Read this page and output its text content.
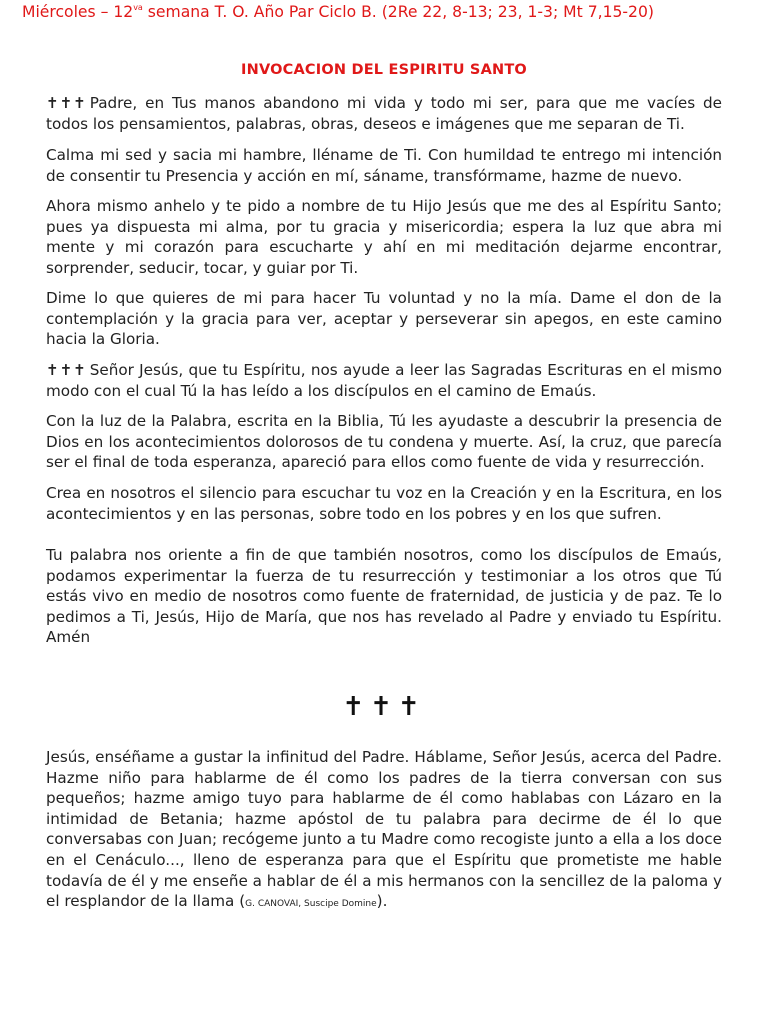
Miércoles – $12^{va}$ semana T. O. Año Par Ciclo B. (2Re 22, 8-13; 23, 1-3; Mt 7,15-20)
INVOCACION DEL ESPIRITU SANTO

✝✝✝ Padre, en Tus manos abandono mi vida y todo mi ser, para que me vacíes de todos los pensamientos, palabras, obras, deseos e imágenes que me separan de Ti.

Calma mi sed y sacia mi hambre, lléname de Ti. Con humildad te entrego mi intención de consentir tu Presencia y acción en mí, sáname, transfórmame, hazme de nuevo.

Ahora mismo anhelo y te pido a nombre de tu Hijo Jesús que me des al Espíritu Santo; pues ya dispuesta mi alma, por tu gracia y misericordia; espera la luz que abra mi mente y mi corazón para escucharte y ahí en mi meditación dejarme encontrar, sorprender, seducir, tocar, y guiar por Ti.

Dime lo que quieres de mi para hacer Tu voluntad y no la mía. Dame el don de la contemplación y la gracia para ver, aceptar y perseverar sin apegos, en este camino hacia la Gloria.

✝✝✝ Señor Jesús, que tu Espíritu, nos ayude a leer las Sagradas Escrituras en el mismo modo con el cual Tú la has leído a los discípulos en el camino de Emaús.

Con la luz de la Palabra, escrita en la Biblia, Tú les ayudaste a descubrir la presencia de Dios en los acontecimientos dolorosos de tu condena y muerte. Así, la cruz, que parecía ser el final de toda esperanza, apareció para ellos como fuente de vida y resurrección.

Crea en nosotros el silencio para escuchar tu voz en la Creación y en la Escritura, en los acontecimientos y en las personas, sobre todo en los pobres y en los que sufren.

Tu palabra nos oriente a fin de que también nosotros, como los discípulos de Emaús, podamos experimentar la fuerza de tu resurrección y testimoniar a los otros que Tú estás vivo en medio de nosotros como fuente de fraternidad, de justicia y de paz. Te lo pedimos a Ti, Jesús, Hijo de María, que nos has revelado al Padre y enviado tu Espíritu. Amén

✝✝✝

Jesús, enséñame a gustar la infinitud del Padre. Háblame, Señor Jesús, acerca del Padre. Hazme niño para hablarme de él como los padres de la tierra conversan con sus pequeños; hazme amigo tuyo para hablarme de él como hablabas con Lázaro en la intimidad de Betania; hazme apóstol de tu palabra para decirme de él lo que conversabas con Juan; recógeme junto a tu Madre como recogiste junto a ella a los doce en el Cenáculo..., lleno de esperanza para que el Espíritu que prometiste me hable todavía de él y me enseñe a hablar de él a mis hermanos con la sencillez de la paloma y el resplandor de la llama (G. CANOVAI, Suscipe Domine).
